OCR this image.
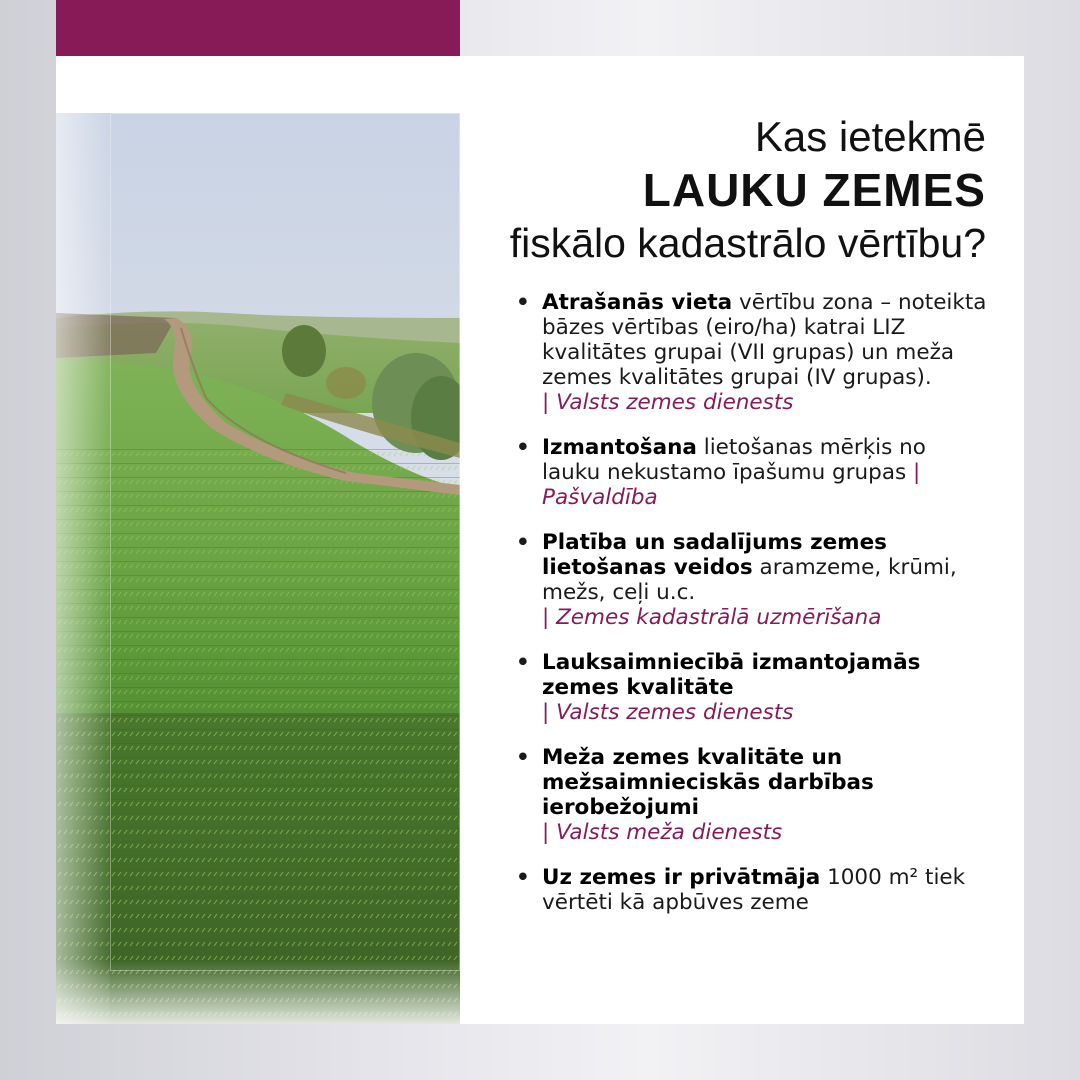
Kas ietekmē
LAUKU ZEMES
fiskālo kadastrālo vērtību?
• Atrašanās vieta vērtību zona – noteikta bāzes vērtības (eiro/ha) katrai LIZ kvalitātes grupai (VII grupas) un meža zemes kvalitātes grupai (IV grupas).
| Valsts zemes dienests
• Izmantošana lietošanas mērķis no lauku nekustamo īpašumu grupas | Pašvaldība
• Platība un sadalījums zemes lietošanas veidos aramzeme, krūmi, mežs, ceļi u.c.
| Zemes kadastrālā uzmērīšana
• Lauksaimniecībā izmantojamās zemes kvalitāte
| Valsts zemes dienests
• Meža zemes kvalitāte un mežsaimnieciskās darbības ierobežojumi
| Valsts meža dienests
• Uz zemes ir privātmāja 1000 m² tiek vērtēti kā apbūves zeme
